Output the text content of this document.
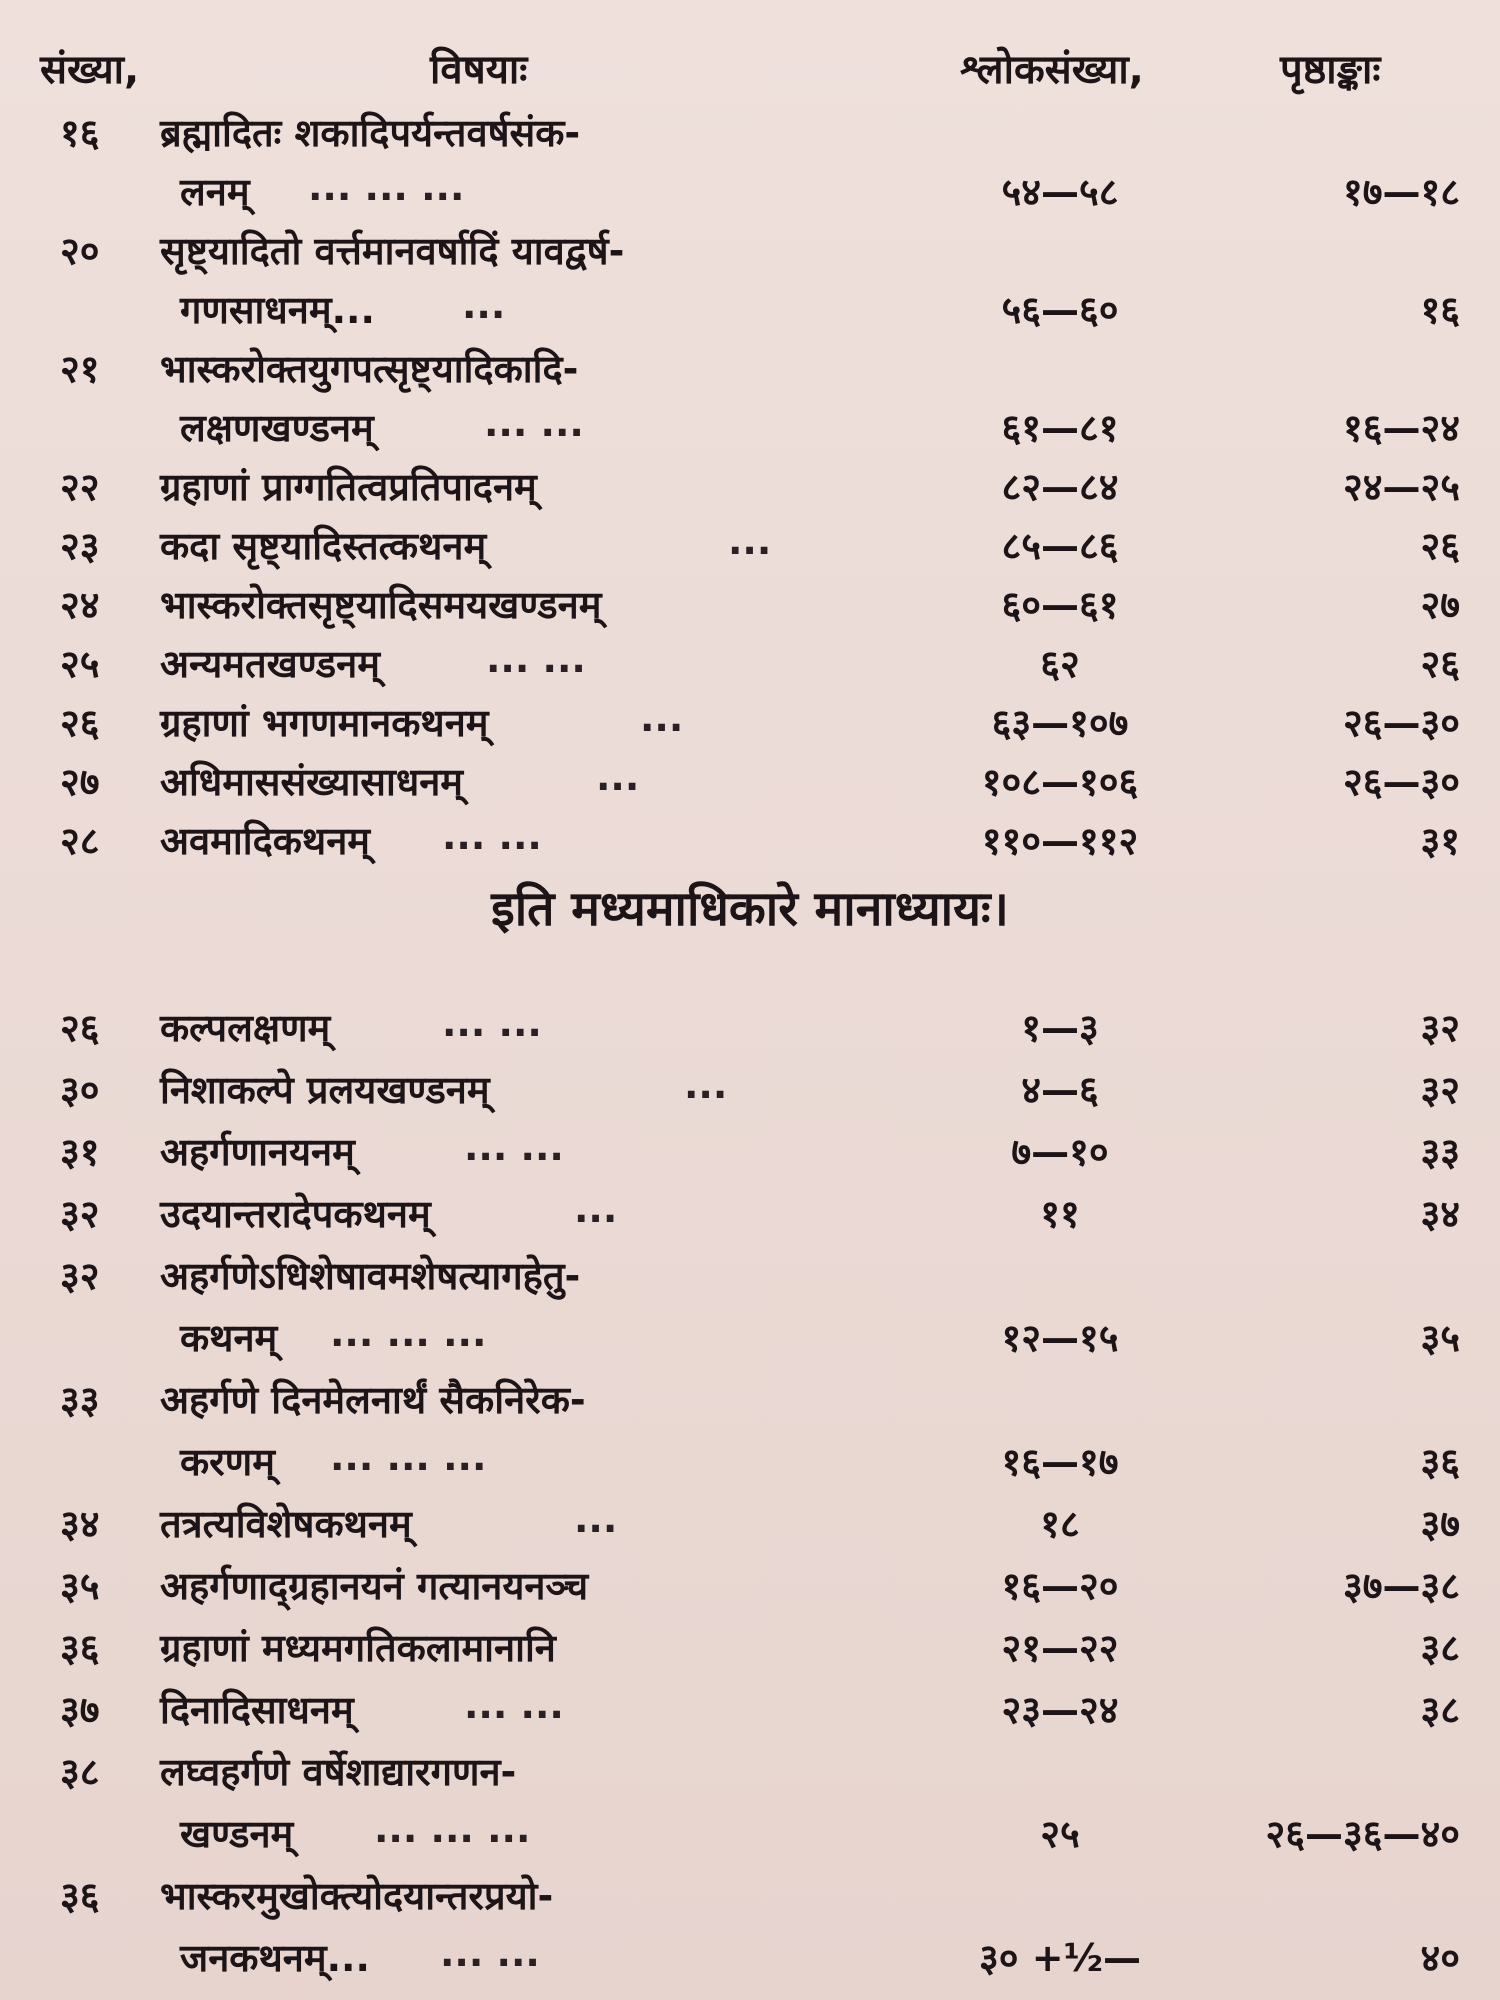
संख्या,	विषयाः	श्लोकसंख्या,	पृष्ठाङ्काः
१६	ब्रह्मादितः शकादिपर्यन्तवर्षसंक-
लनम् ... ... ...	५४—५८	१७—१८
२०	सृष्ट्यादितो वर्त्तमानवर्षादिं यावद्वर्ष-
गणसाधनम्... ...	५६—६०	१६
२१	भास्करोक्तयुगपत्सृष्ट्यादिकादि-
लक्षणखण्डनम्	... ...	६१—८१	१६—२४
२२	ग्रहाणां प्राग्गतित्वप्रतिपादनम्	८२—८४	२४—२५
२३	कदा सृष्ट्यादिस्तत्कथनम्	...	८५—८६	२६
२४	भास्करोक्तसृष्ट्यादिसमयखण्डनम्	६०—६१	२७
२५	अन्यमतखण्डनम्	... ...	६२	२६
२६	ग्रहाणां भगणमानकथनम्	...	६३—१०७	२६—३०
२७	अधिमाससंख्यासाधनम्	...	१०८—१०६	२६—३०
२८	अवमादिकथनम् ... ...	११०—११२	३१
इति मध्यमाधिकारे मानाध्यायः।
२६	कल्पलक्षणम्	... ...	१—३	३२
३०	निशाकल्पे प्रलयखण्डनम्	...	४—६	३२
३१	अहर्गणानयनम्	... ...	७—१०	३३
३२	उदयान्तरादेपकथनम्	...	११	३४
३२	अहर्गणेऽधिशेषावमशेषत्यागहेतु-
कथनम् ... ... ...	१२—१५	३५
३३	अहर्गणे दिनमेलनार्थं सैकनिरेक-
करणम् ... ... ...	१६—१७	३६
३४	तत्रत्यविशेषकथनम्	...	१८	३७
३५	अहर्गणाद्ग्रहानयनं गत्यानयनञ्च	१६—२०	३७—३८
३६	ग्रहाणां मध्यमगतिकलामानानि	२१—२२	३८
३७	दिनादिसाधनम्	... ...	२३—२४	३८
३८	लघ्वहर्गणे वर्षेशाद्यारगणन-
खण्डनम् ... ... ...	२५	२६—३६—४०
३६	भास्करमुखोक्त्योदयान्तरप्रयो-
जनकथनम्... ... ...	३० +½—	४०
